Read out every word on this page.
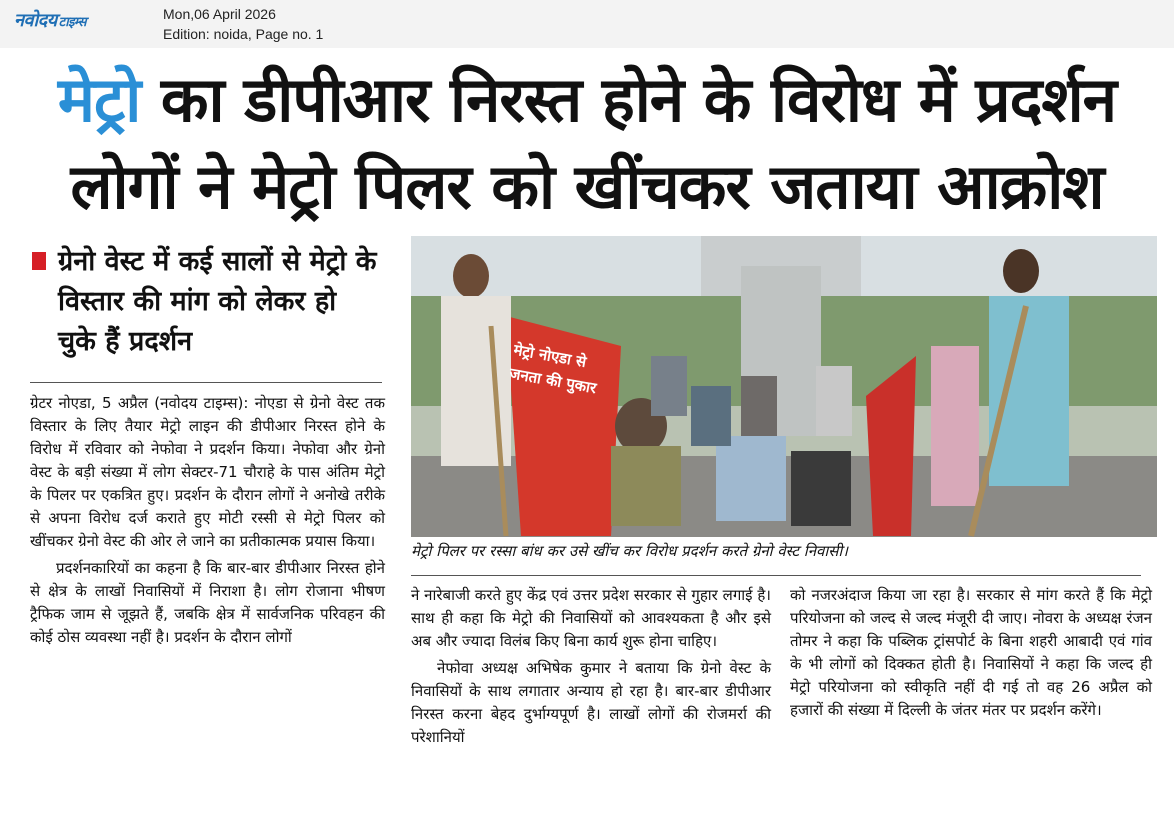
नवोदय टाइम्स
Mon,06 April 2026
Edition: noida, Page no. 1
मेट्रो का डीपीआर निरस्त होने के विरोध में प्रदर्शन
लोगों ने मेट्रो पिलर को खींचकर जताया आक्रोश
ग्रेनो वेस्ट में कई सालों से मेट्रो के विस्तार की मांग को लेकर हो चुके हैं प्रदर्शन

ग्रेटर नोएडा, 5 अप्रैल (नवोदय टाइम्स): नोएडा से ग्रेनो वेस्ट तक विस्तार के लिए तैयार मेट्रो लाइन की डीपीआर निरस्त होने के विरोध में रविवार को नेफोवा ने प्रदर्शन किया। नेफोवा और ग्रेनो वेस्ट के बड़ी संख्या में लोग सेक्टर-71 चौराहे के पास अंतिम मेट्रो के पिलर पर एकत्रित हुए। प्रदर्शन के दौरान लोगों ने अनोखे तरीके से अपना विरोध दर्ज कराते हुए मोटी रस्सी से मेट्रो पिलर को खींचकर ग्रेनो वेस्ट की ओर ले जाने का प्रतीकात्मक प्रयास किया।

प्रदर्शनकारियों का कहना है कि बार-बार डीपीआर निरस्त होने से क्षेत्र के लाखों निवासियों में निराशा है। लोग रोजाना भीषण ट्रैफिक जाम से जूझते हैं, जबकि क्षेत्र में सार्वजनिक परिवहन की कोई ठोस व्यवस्था नहीं है। प्रदर्शन के दौरान लोगों

मेट्रो नोएडा से जनता की पुकार
मेट्रो पिलर पर रस्सा बांध कर उसे खींच कर विरोध प्रदर्शन करते ग्रेनो वेस्ट निवासी।

ने नारेबाजी करते हुए केंद्र एवं उत्तर प्रदेश सरकार से गुहार लगाई है। साथ ही कहा कि मेट्रो की निवासियों को आवश्यकता है और इसे अब और ज्यादा विलंब किए बिना कार्य शुरू होना चाहिए।

नेफोवा अध्यक्ष अभिषेक कुमार ने बताया कि ग्रेनो वेस्ट के निवासियों के साथ लगातार अन्याय हो रहा है। बार-बार डीपीआर निरस्त करना बेहद दुर्भाग्यपूर्ण है। लाखों लोगों की रोजमर्रा की परेशानियों

को नजरअंदाज किया जा रहा है। सरकार से मांग करते हैं कि मेट्रो परियोजना को जल्द से जल्द मंजूरी दी जाए। नोवरा के अध्यक्ष रंजन तोमर ने कहा कि पब्लिक ट्रांसपोर्ट के बिना शहरी आबादी एवं गांव के भी लोगों को दिक्कत होती है। निवासियों ने कहा कि जल्द ही मेट्रो परियोजना को स्वीकृति नहीं दी गई तो वह 26 अप्रैल को हजारों की संख्या में दिल्ली के जंतर मंतर पर प्रदर्शन करेंगे।
